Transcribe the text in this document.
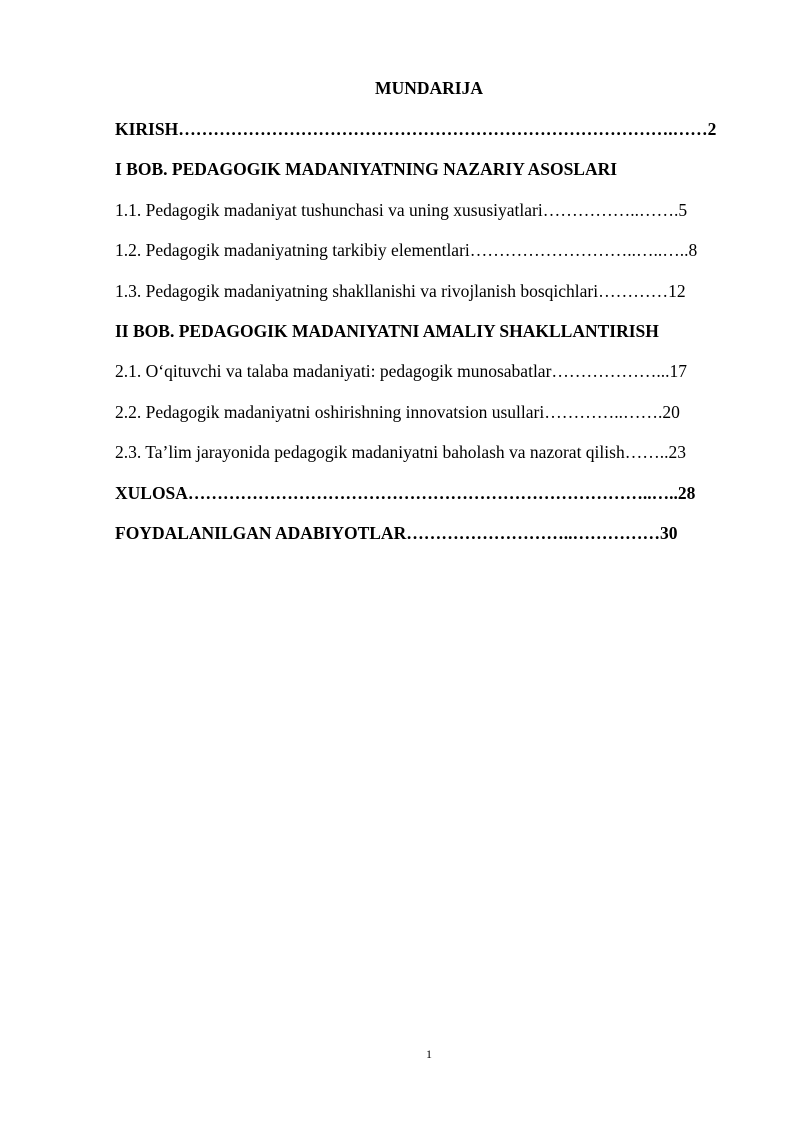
MUNDARIJA
KIRISH………………………………………………………………………….……2
I BOB. PEDAGOGIK MADANIYATNING NAZARIY ASOSLARI
1.1. Pedagogik madaniyat tushunchasi va uning xususiyatlari……………..…….5
1.2. Pedagogik madaniyatning tarkibiy elementlari………………………..…..…..8
1.3. Pedagogik madaniyatning shakllanishi va rivojlanish bosqichlari…………12
II BOB. PEDAGOGIK MADANIYATNI AMALIY SHAKLLANTIRISH
2.1. O‘qituvchi va talaba madaniyati: pedagogik munosabatlar………………...17
2.2. Pedagogik madaniyatni oshirishning innovatsion usullari…………..…….20
2.3. Ta’lim jarayonida pedagogik madaniyatni baholash va nazorat qilish……..23
XULOSA……………………………………………………………………..…..28
FOYDALANILGAN ADABIYOTLAR………………………..……………30
1
